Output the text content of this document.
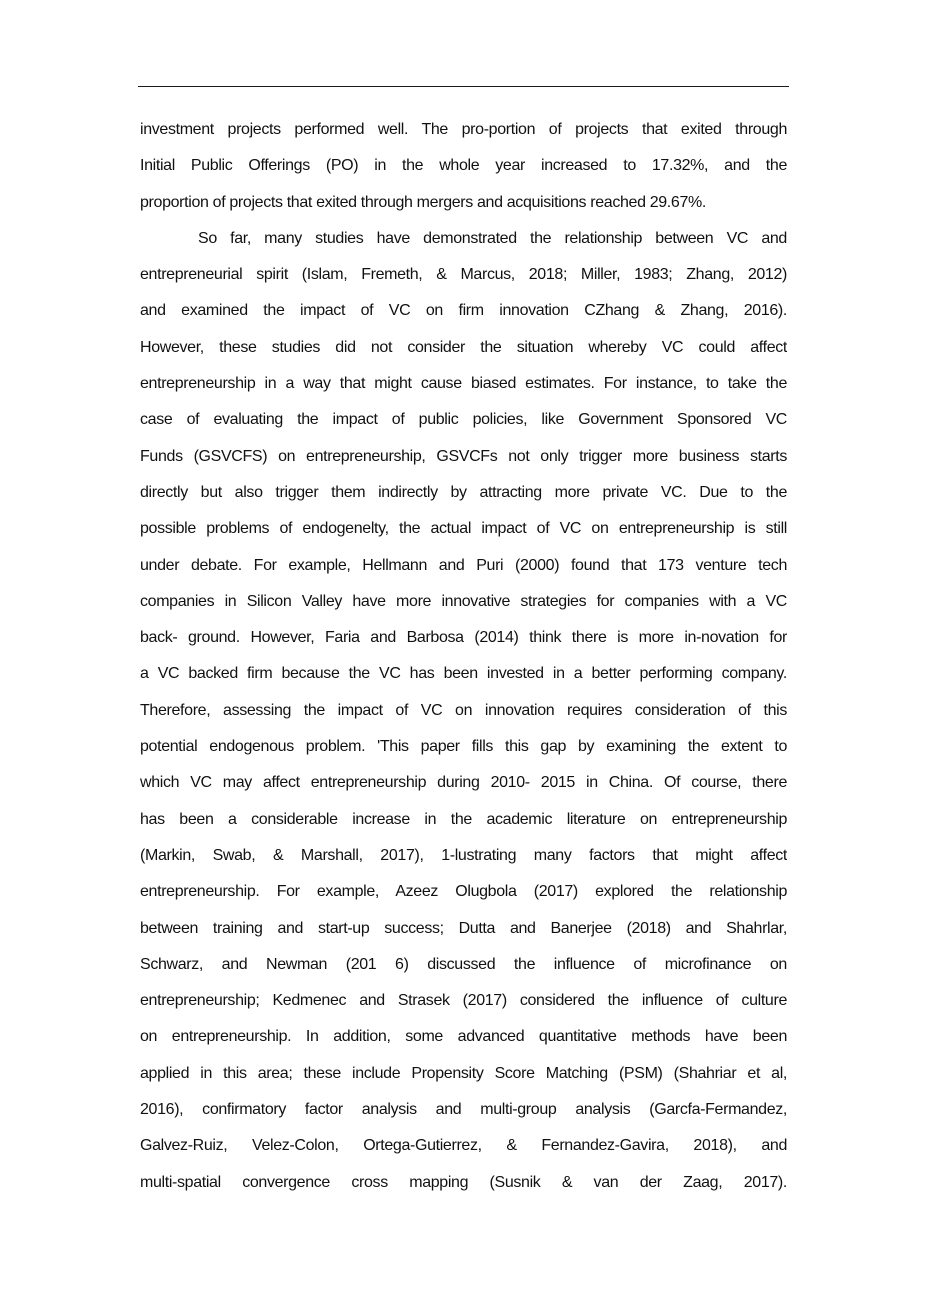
investment projects performed well. The pro-portion of projects that exited through
Initial Public Offerings (PO) in the whole year increased to 17.32%, and the
proportion of projects that exited through mergers and acquisitions reached 29.67%.
So far, many studies have demonstrated the relationship between VC and
entrepreneurial spirit (Islam, Fremeth, & Marcus, 2018; Miller, 1983; Zhang, 2012)
and examined the impact of VC on firm innovation CZhang & Zhang, 2016).
However, these studies did not consider the situation whereby VC could affect
entrepreneurship in a way that might cause biased estimates. For instance, to take the
case of evaluating the impact of public policies, like Government Sponsored VC
Funds (GSVCFS) on entrepreneurship, GSVCFs not only trigger more business starts
directly but also trigger them indirectly by attracting more private VC. Due to the
possible problems of endogenelty, the actual impact of VC on entrepreneurship is still
under debate. For example, Hellmann and Puri (2000) found that 173 venture tech
companies in Silicon Valley have more innovative strategies for companies with a VC
back- ground. However, Faria and Barbosa (2014) think there is more in-novation for
a VC backed firm because the VC has been invested in a better performing company.
Therefore, assessing the impact of VC on innovation requires consideration of this
potential endogenous problem. 'This paper fills this gap by examining the extent to
which VC may affect entrepreneurship during 2010- 2015 in China. Of course, there
has been a considerable increase in the academic literature on entrepreneurship
(Markin, Swab, & Marshall, 2017), 1-lustrating many factors that might affect
entrepreneurship. For example, Azeez Olugbola (2017) explored the relationship
between training and start-up success; Dutta and Banerjee (2018) and Shahrlar,
Schwarz, and Newman (201 6) discussed the influence of microfinance on
entrepreneurship; Kedmenec and Strasek (2017) considered the influence of culture
on entrepreneurship. In addition, some advanced quantitative methods have been
applied in this area; these include Propensity Score Matching (PSM) (Shahriar et al,
2016), confirmatory factor analysis and multi-group analysis (Garcfa-Fermandez,
Galvez-Ruiz, Velez-Colon, Ortega-Gutierrez, & Fernandez-Gavira, 2018), and
multi-spatial convergence cross mapping (Susnik & van der Zaag, 2017).
